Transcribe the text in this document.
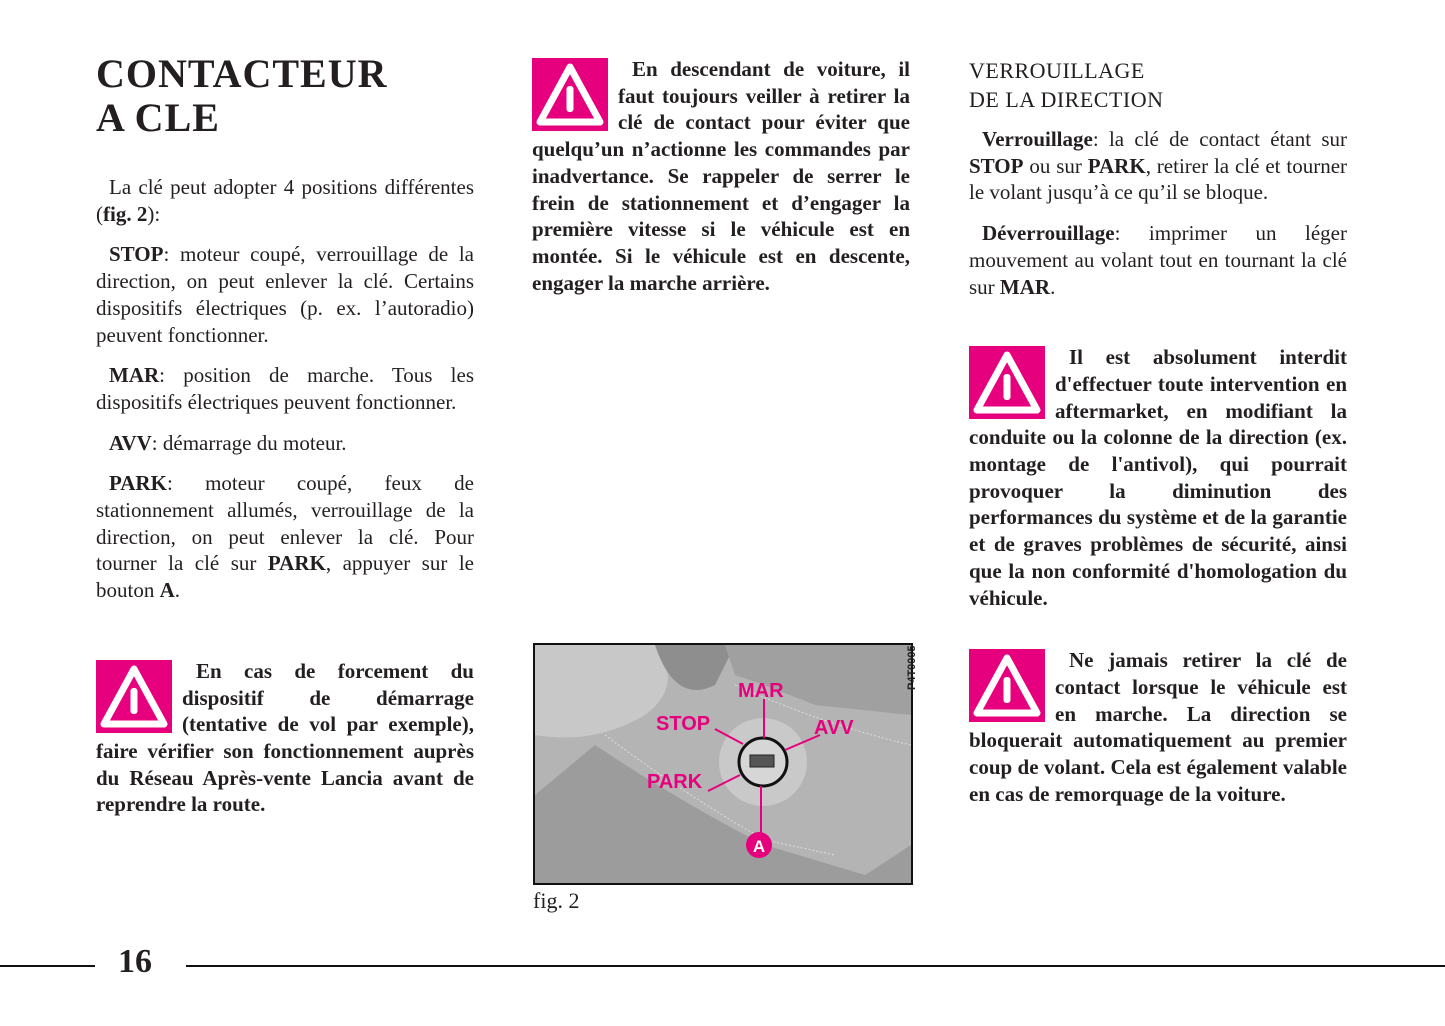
CONTACTEUR
A CLE

La clé peut adopter 4 positions différentes (fig. 2):

STOP: moteur coupé, verrouillage de la direction, on peut enlever la clé. Certains dispositifs électriques (p. ex. l’autoradio) peuvent fonctionner.

MAR: position de marche. Tous les dispositifs électriques peuvent fonctionner.

AVV: démarrage du moteur.

PARK: moteur coupé, feux de stationnement allumés, verrouillage de la direction, on peut enlever la clé. Pour tourner la clé sur PARK, appuyer sur le bouton A.

En cas de forcement du dispositif de démarrage (tentative de vol par exemple), faire vérifier son fonctionnement auprès du Réseau Après-vente Lancia avant de reprendre la route.
En descendant de voiture, il faut toujours veiller à retirer la clé de contact pour éviter que quelqu’un n’actionne les commandes par inadvertance. Se rappeler de serrer le frein de stationnement et d’engager la première vitesse si le véhicule est en montée. Si le véhicule est en descente, engager la marche arrière.
MAR
STOP	AVV
PARK
A
P4T0005
fig. 2
VERROUILLAGE
DE LA DIRECTION

Verrouillage: la clé de contact étant sur STOP ou sur PARK, retirer la clé et tourner le volant jusqu’à ce qu’il se bloque.

Déverrouillage: imprimer un léger mouvement au volant tout en tournant la clé sur MAR.

Il est absolument interdit d'effectuer toute intervention en aftermarket, en modifiant la conduite ou la colonne de la direction (ex. montage de l'antivol), qui pourrait provoquer la diminution des performances du système et de la garantie et de graves problèmes de sécurité, ainsi que la non conformité d'homologation du véhicule.
Ne jamais retirer la clé de contact lorsque le véhicule est en marche. La direction se bloquerait automatiquement au premier coup de volant. Cela est également valable en cas de remorquage de la voiture.
16
